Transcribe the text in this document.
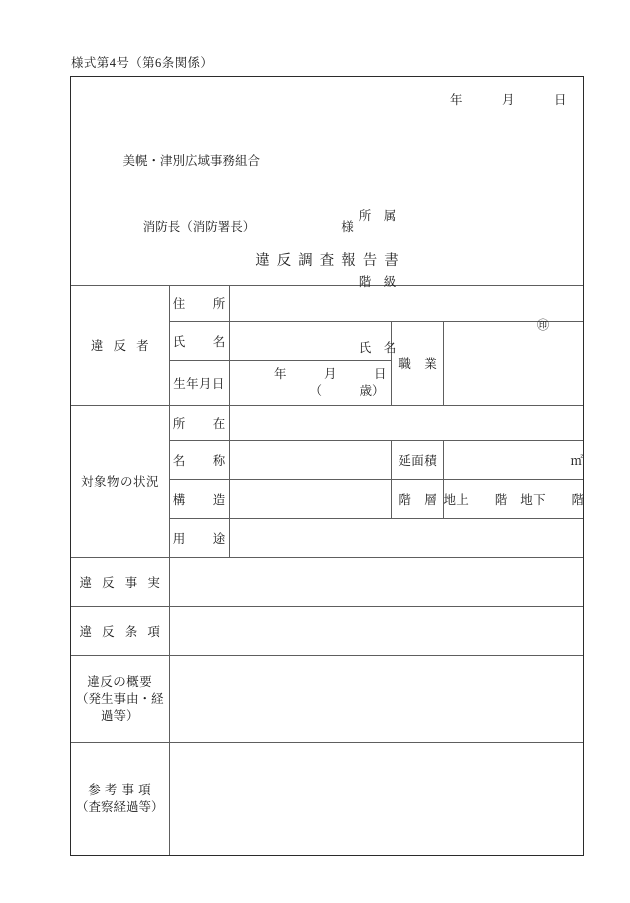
様式第4号（第6条関係）
年　　　月　　　日

美幌・津別広域事務組合

消防長（消防署長）	様

所　属

階　級

氏　名

㊞

違反調査報告書

違 反 者	住　所			
	氏　名		職　業	
	生年月日	年　　　月　　　日
（　　　歳）		

対象物の状況	所　在			
	名　称		延面積	㎡
	構　造		階　層	地上　　階　地下　　階
	用　途			
違 反 事 実				
違 反 条 項				

違反の概要
（発生事由・経
過等）				

参 考 事 項
（査察経過等）				
